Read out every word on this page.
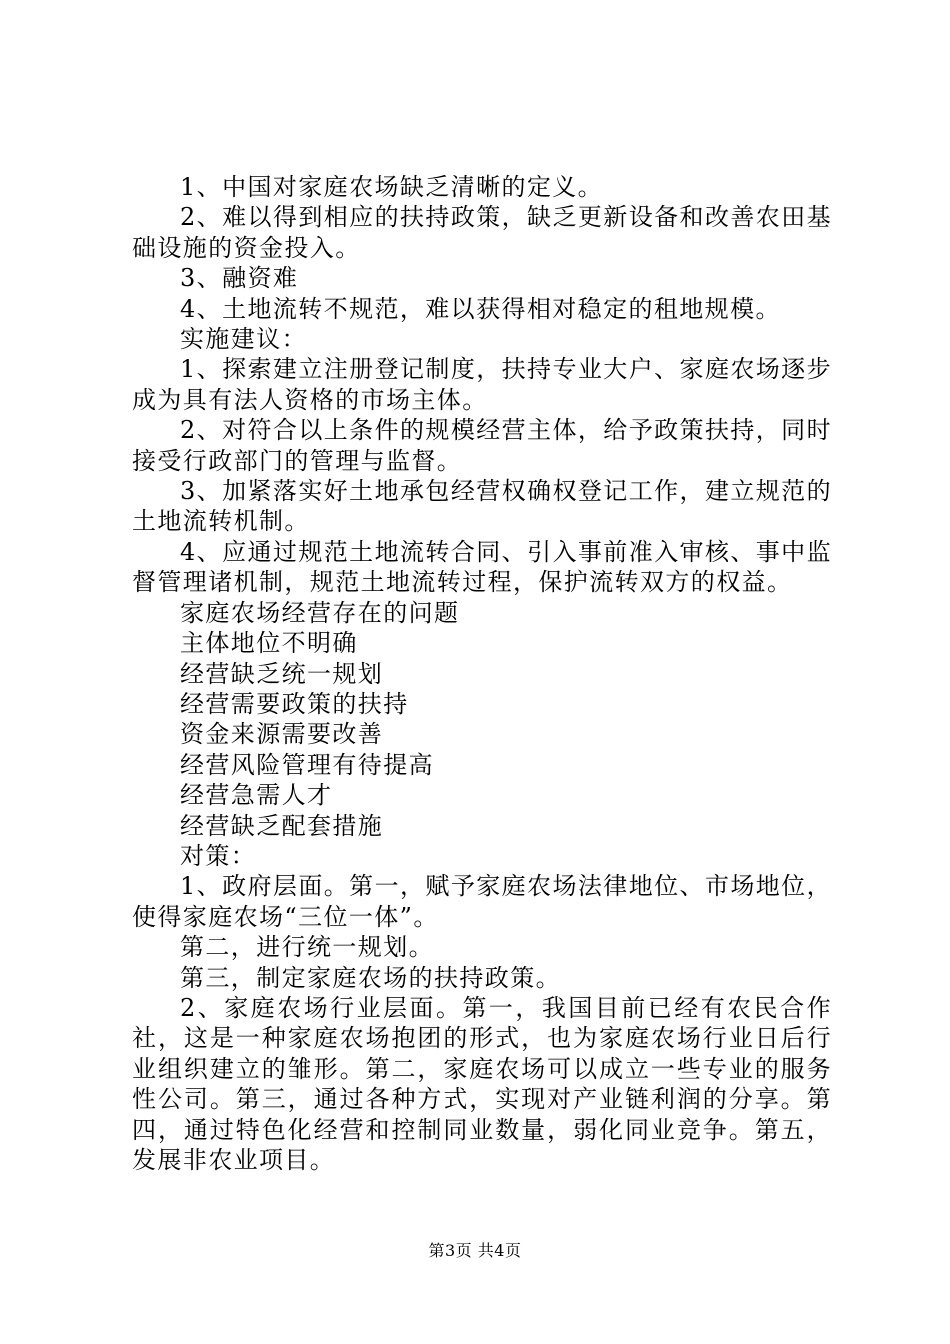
1、中国对家庭农场缺乏清晰的定义。

2、难以得到相应的扶持政策，缺乏更新设备和改善农田基础设施的资金投入。

3、融资难

4、土地流转不规范，难以获得相对稳定的租地规模。

实施建议：

1、探索建立注册登记制度，扶持专业大户、家庭农场逐步成为具有法人资格的市场主体。

2、对符合以上条件的规模经营主体，给予政策扶持，同时接受行政部门的管理与监督。

3、加紧落实好土地承包经营权确权登记工作，建立规范的土地流转机制。

4、应通过规范土地流转合同、引入事前准入审核、事中监督管理诸机制，规范土地流转过程，保护流转双方的权益。

家庭农场经营存在的问题

主体地位不明确

经营缺乏统一规划

经营需要政策的扶持

资金来源需要改善

经营风险管理有待提高

经营急需人才

经营缺乏配套措施

对策：

1、政府层面。第一，赋予家庭农场法律地位、市场地位，使得家庭农场“三位一体”。

第二，进行统一规划。

第三，制定家庭农场的扶持政策。

2、家庭农场行业层面。第一，我国目前已经有农民合作社，这是一种家庭农场抱团的形式，也为家庭农场行业日后行业组织建立的雏形。第二，家庭农场可以成立一些专业的服务性公司。第三，通过各种方式，实现对产业链利润的分享。第四，通过特色化经营和控制同业数量，弱化同业竞争。第五，发展非农业项目。

第3页 共4页
